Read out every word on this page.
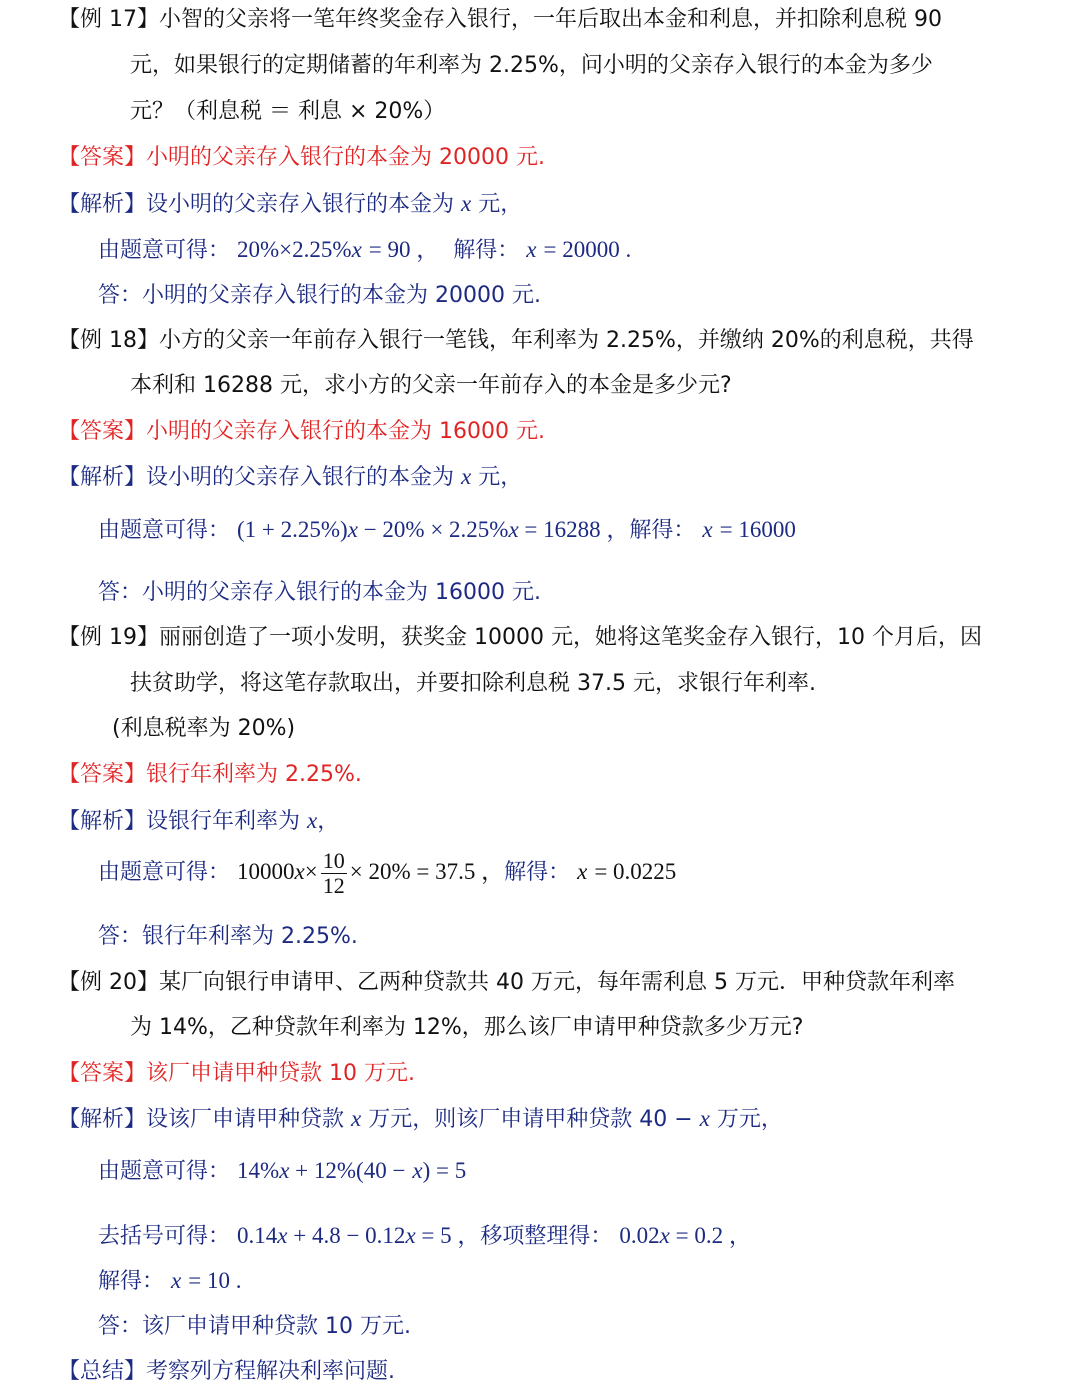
【例 17】小智的父亲将一笔年终奖金存入银行，一年后取出本金和利息，并扣除利息税 90
元，如果银行的定期储蓄的年利率为 2.25%，问小明的父亲存入银行的本金为多少
元？（利息税 ＝ 利息 × 20%）
【答案】小明的父亲存入银行的本金为 20000 元.
【解析】设小明的父亲存入银行的本金为 x 元，
由题意可得： 20%×2.25%x = 90 ， 解得： x = 20000 .
答：小明的父亲存入银行的本金为 20000 元.
【例 18】小方的父亲一年前存入银行一笔钱，年利率为 2.25%，并缴纳 20%的利息税，共得
本利和 16288 元，求小方的父亲一年前存入的本金是多少元?
【答案】小明的父亲存入银行的本金为 16000 元.
【解析】设小明的父亲存入银行的本金为 x 元，
由题意可得： (1 + 2.25%)x − 20% × 2.25%x = 16288 ，解得： x = 16000
答：小明的父亲存入银行的本金为 16000 元.
【例 19】丽丽创造了一项小发明，获奖金 10000 元，她将这笔奖金存入银行，10 个月后，因
扶贫助学，将这笔存款取出，并要扣除利息税 37.5 元，求银行年利率.
(利息税率为 20%)
【答案】银行年利率为 2.25%.
【解析】设银行年利率为 x，
由题意可得： $10000x\times \frac{10}{12} \times 20\% = 37.5$ ，解得： x = 0.0225
答：银行年利率为 2.25%.
【例 20】某厂向银行申请甲、乙两种贷款共 40 万元，每年需利息 5 万元．甲种贷款年利率
为 14%，乙种贷款年利率为 12%，那么该厂申请甲种贷款多少万元?
【答案】该厂申请甲种贷款 10 万元.
【解析】设该厂申请甲种贷款 x 万元，则该厂申请甲种贷款 40 − x 万元，
由题意可得： 14%x + 12%(40 − x) = 5
去括号可得： 0.14x + 4.8 − 0.12x = 5 ，移项整理得： 0.02x = 0.2 ，
解得： x = 10 .
答：该厂申请甲种贷款 10 万元.
【总结】考察列方程解决利率问题.
